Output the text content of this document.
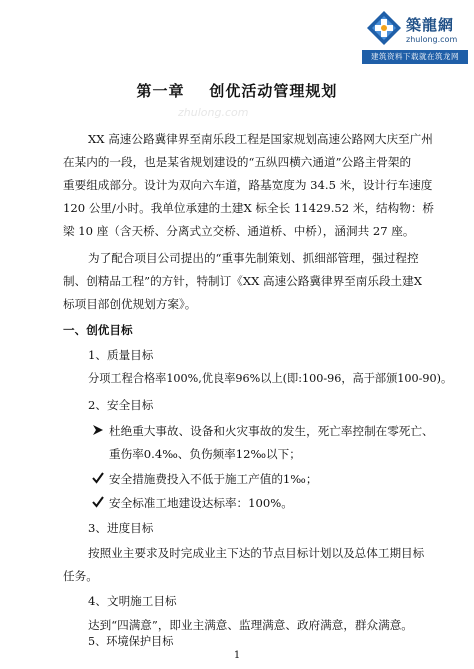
築龍網
zhulong.com
建筑资料下载就在筑龙网
第一章    创优活动管理规划
zhulong.com
XX 高速公路冀律界至南乐段工程是国家规划高速公路网大庆至广州
在某内的一段，也是某省规划建设的“五纵四横六通道”公路主骨架的
重要组成部分。设计为双向六车道，路基宽度为 34.5 米，设计行车速度
120 公里/小时。我单位承建的土建X 标全长 11429.52 米，结构物：桥
梁 10 座（含天桥、分离式立交桥、通道桥、中桥），涵洞共 27 座。
为了配合项目公司提出的“重事先制策划、抓细部管理，强过程控
制、创精品工程”的方针，特制订《XX 高速公路冀律界至南乐段土建X
标项目部创优规划方案》。
一、创优目标
1、质量目标
分项工程合格率100%,优良率96%以上(即:100-96，高于部颁100-90)。
2、安全目标
杜绝重大事故、设备和火灾事故的发生，死亡率控制在零死亡、
重伤率0.4‰、负伤频率12‰以下；
安全措施费投入不低于施工产值的1‰；
安全标准工地建设达标率：100%。
3、进度目标
按照业主要求及时完成业主下达的节点目标计划以及总体工期目标
任务。
4、文明施工目标
达到“四满意”，即业主满意、监理满意、政府满意，群众满意。
5、环境保护目标
1
